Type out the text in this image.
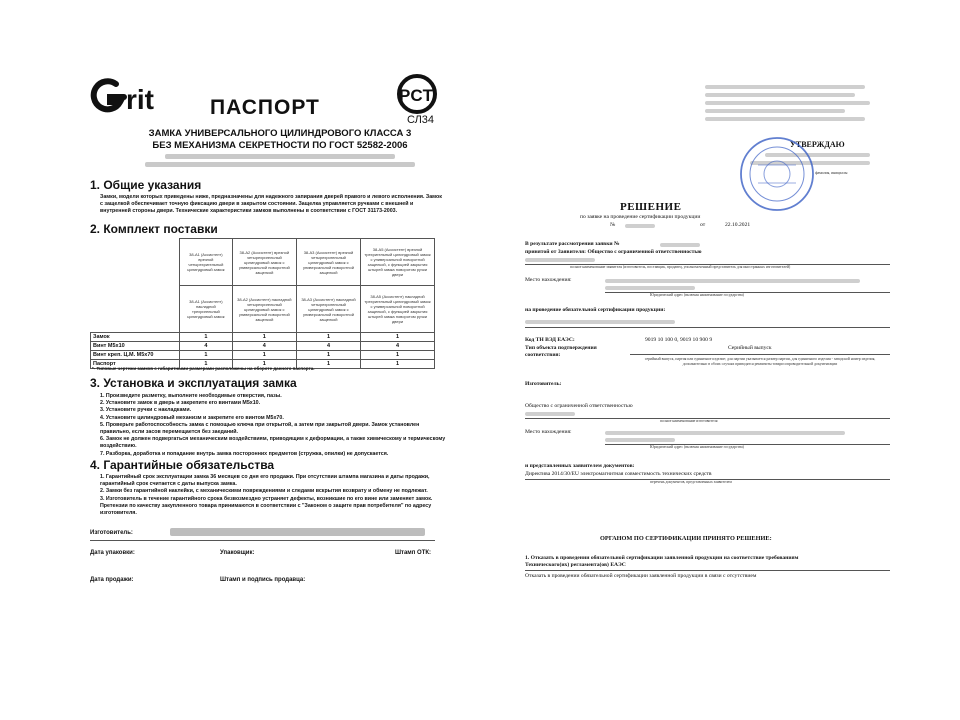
rit	PCT
СЛ34
ПАСПОРТ
ЗАМКА УНИВЕРСАЛЬНОГО ЦИЛИНДРОВОГО КЛАССА 3
БЕЗ МЕХАНИЗМА СЕКРЕТНОСТИ ПО ГОСТ 52582-2006
1. Общие указания
Замки, модели которых приведены ниже, предназначены для надежного запирания дверей правого и левого исполнения. Замок с защелкой обеспечивает точную фиксацию двери в закрытом состоянии. Защелка управляется ручками с внешней и внутренней стороны двери. Технические характеристики замков выполнены в соответствии с ГОСТ 31173-2003.
2. Комплект поставки
	38-А1 (Ассистент) врезной четырехригельный цилиндровый замок	38-А2 (Ассистент) врезной четырехригельный цилиндровый замок с универсальной поворотной защелкой	38-А3 (Ассистент) врезной четырехригельный цилиндровый замок с универсальной поворотной защелкой	38-А5 (Ассистент) врезной трехригельный цилиндровый замок с универсальной поворотной защелкой, с функцией закрытия штырей замка поворотом ручки двери
	38-А1 (Ассистент) накладной трехригельный цилиндровый замок	38-А2 (Ассистент) накладной четырехригельный цилиндровый замок с универсальной поворотной защелкой	38-А3 (Ассистент) накладной четырехригельный цилиндровый замок с универсальной поворотной защелкой	38-А5 (Ассистент) накладной трехригельный цилиндровый замок с универсальной поворотной защелкой, с функцией закрытия штырей замка поворотом ручки двери
Замок	1	1	1	1
Винт М5х10	4	4	4	4
Винт креп. Ц.М. М5х70	1	1	1	1
Паспорт	1	1	1	1
*- Типовые чертежи замков с габаритными размерами расположены на обороте данного паспорта.
3. Установка и эксплуатация замка
1. Произведите разметку, выполните необходимые отверстия, пазы.
2. Установите замок в дверь и закрепите его винтами М5х10.
3. Установите ручки с накладками.
4. Установите цилиндровый механизм и закрепите его винтом М5х70.
5. Проверьте работоспособность замка с помощью ключа при открытой, а затем при закрытой двери. Замок установлен правильно, если засов перемещается без заеданий.
6. Замок не должен подвергаться механическим воздействиям, приводящим к деформации, а также химическому и термическому воздействию.
7. Разборка, доработка и попадание внутрь замка посторонних предметов (стружка, опилки) не допускается.
4. Гарантийные обязательства
1. Гарантийный срок эксплуатации замка 36 месяцев со дня его продажи. При отсутствии штампа магазина и даты продажи, гарантийный срок считается с даты выпуска замка.
2. Замки без гарантийной наклейки, с механическими повреждениями и следами вскрытия возврату и обмену не подлежат.
3. Изготовитель в течение гарантийного срока безвозмездно устраняет дефекты, возникшие по его вине или заменяет замок. Претензии по качеству закупленного товара принимаются в соответствии с "Законом о защите прав потребителя" по адресу изготовителя.
Изготовитель:
Дата упаковки:	Упаковщик:	Штамп ОТК:
Дата продажи:	Штамп и подпись продавца:
УТВЕРЖДАЮ
фамилия, инициалы
РЕШЕНИЕ
по заявке на проведение сертификации продукции
№	от	22.10.2021
В результате рассмотрения заявки №
принятой от Заявителя: Общество с ограниченной ответственностью
полное наименование заявителя (изготовитель, поставщик, продавец, уполномоченный представитель для иностранных изготовителей)
Место нахождения:
Юридический адрес (включая наименование государства)
на проведение обязательной сертификации продукции:
Код ТН ВЭД ЕАЭС:	9019 10 100 0, 9019 10 900 9
Тип объекта подтверждения соответствия:
Серийный выпуск
серийный выпуск, партия или единичное изделие; для партии указывается размер партии, для единичного изделия - заводской номер изделия, дополнительно в обоих случаях приводятся реквизиты товаросопроводительной документации
Изготовитель:
Общество с ограниченной ответственностью
полное наименование изготовителя
Место нахождения:
Юридический адрес (включая наименование государства)
и представленных заявителем документов:
Директива 2014/30/EU электромагнитная совместимость технических средств
перечень документов, представленных заявителем
ОРГАНОМ ПО СЕРТИФИКАЦИИ ПРИНЯТО РЕШЕНИЕ:
1. Отказать в проведении обязательной сертификации заявленной продукции на соответствие требованиям Технического(их) регламента(ов) ЕАЭС
Отказать в проведении обязательной сертификации заявленной продукции в связи с отсутствием
